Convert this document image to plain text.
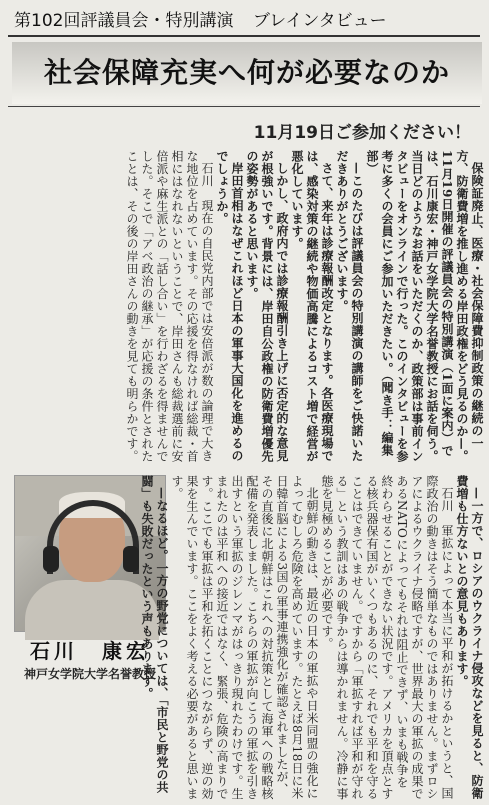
第102回評議員会・特別講演 ブレインタビュー
社会保障充実へ何が必要なのか
11月19日ご参加ください！

保険証廃止、医療・社会保障費抑制政策の継続の一方、防衛費増を推し進める岸田政権をどう見るのか—。11月19日開催の評議員会の特別講演（1面に案内）では、石川康宏・神戸女学院大学名誉教授にお話を伺う。当日どのようなお話をいただくのか、政策部は事前インタビューをオンラインで行った。このインタビューを参考に多くの会員にご参加いただきたい。（聞き手：編集部）

—このたびは評議員会の特別講演の講師をご快諾いただきありがとうございます。

さて、来年は診療報酬改定となります。各医療現場では、感染対策の継続や物価高騰によるコスト増で経営が悪化しています。

しかし、政府内では診療報酬引き上げに否定的な意見が根強いです。背景には、岸田自公政権の防衛費増優先の姿勢があると思います。

岸田首相はなぜこれほど日本の軍事大国化を進めるのでしょうか。

石川　現在の自民党内部では安倍派が数の論理で大きな地位を占めています。その応援を得なければ総裁・首相にはなれないということで、岸田さんも総裁選前に安倍派や麻生派との「話し合い」を行わざるを得ませんでした。そこで「アベ政治の継承」が応援の条件とされたことは、その後の岸田さんの動きを見ても明らかです。

石川　康宏
神戸女学院大学名誉教授	—一方で、ロシアのウクライナ侵攻などを見ると、防衛費増も仕方ないとの意見もあります。

石川　軍拡によって本当に平和が拓けるかというと、国際政治の動きはそう簡単なものではありません。まずロシアによるウクライナ侵略ですが、世界最大の軍拡の成果であるNATOによってもそれは阻止できず、いまも戦争を終わらせることができない状況です。アメリカを頂点とする核兵器保有国がいくつもあるのに、それでも平和を守ることはできていません。ですから「軍拡すれば平和が守れる」という教訓はあの戦争からは導かれません。冷静に事態を見極めることが必要です。

北朝鮮の動きは、最近の日本の軍拡や日米同盟の強化によってむしろ危険を高めています。たとえば8月18日に米日韓首脳による3国の軍事連携強化が確認されましたが、その直後に北朝鮮はこれへの対抗策として海軍への戦略核配備を発表しました。こちらの軍拡が向こうの軍拡を引き出すという軍拡のジレンマがはっきり現れたわけです。生まれたのは平和への接近ではなく、緊張、危険の高まりです。ここでも軍拡は平和を拓くことにつながらず、逆の効果を生んでいます。ここをよく考える必要があると思います。

—なるほど。一方の野党については、「市民と野党の共闘」も失敗だったという声もあります。
